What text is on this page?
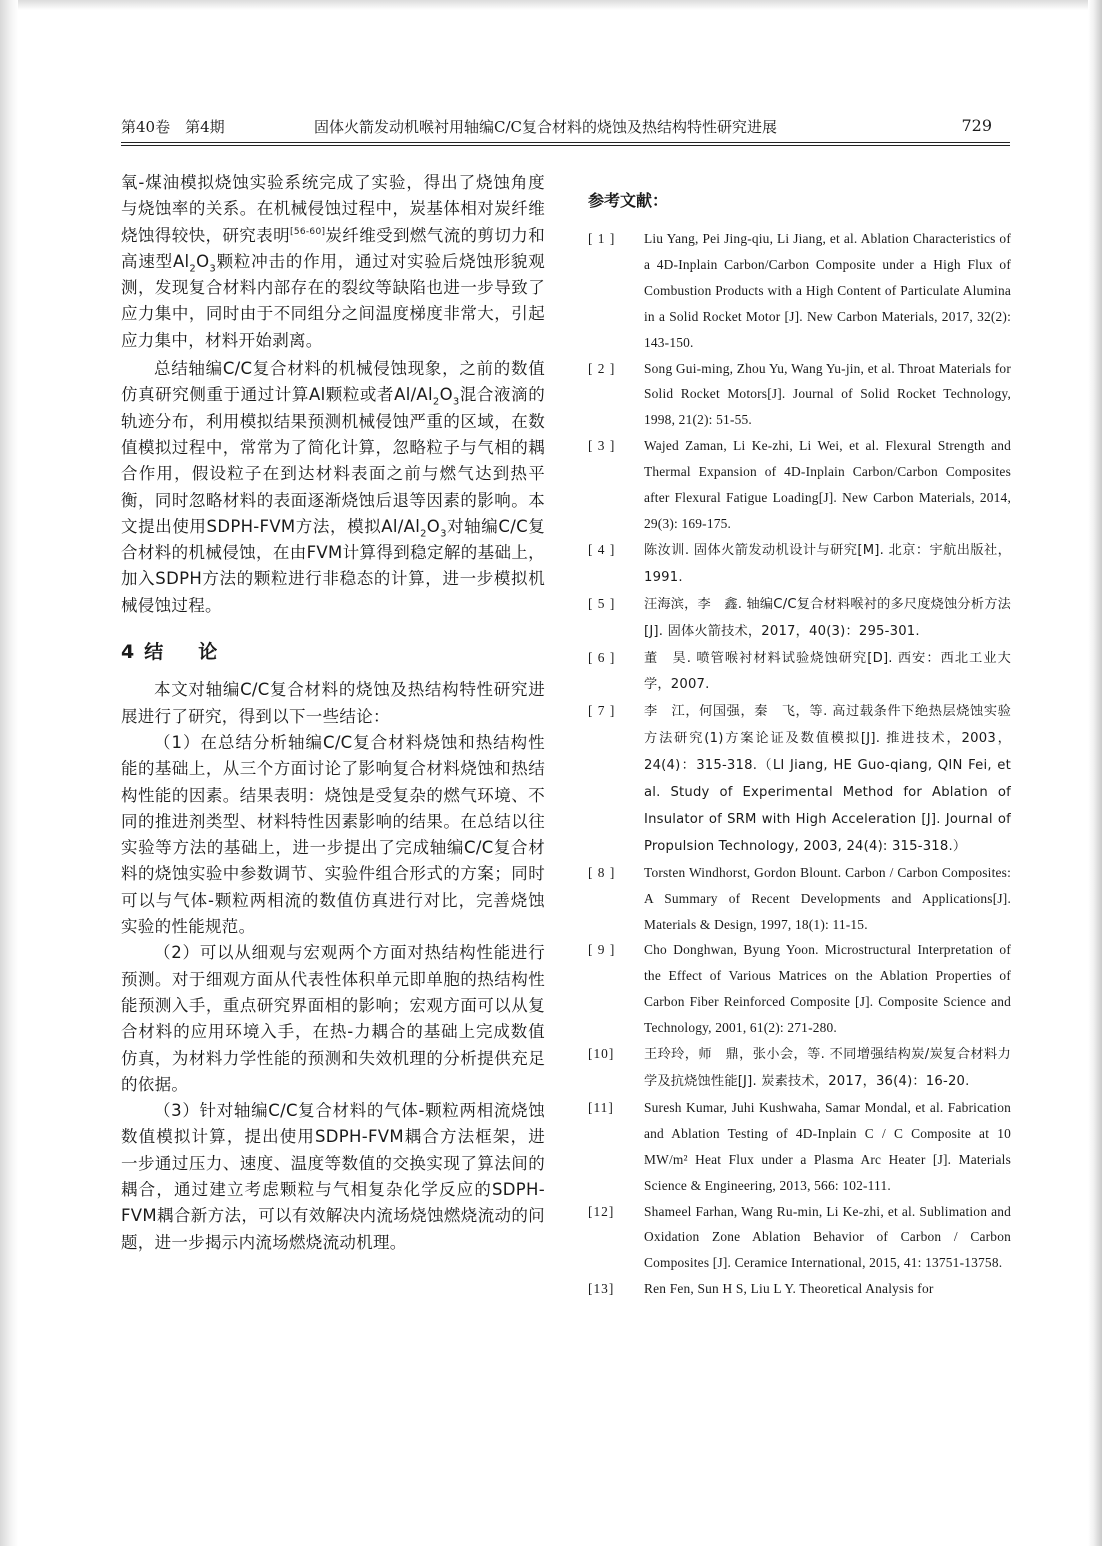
第40卷　第4期	固体火箭发动机喉衬用轴编C/C复合材料的烧蚀及热结构特性研究进展	729

氧-煤油模拟烧蚀实验系统完成了实验，得出了烧蚀角度与烧蚀率的关系。在机械侵蚀过程中，炭基体相对炭纤维烧蚀得较快，研究表明[56-60]炭纤维受到燃气流的剪切力和高速型$Al_2O_3$颗粒冲击的作用，通过对实验后烧蚀形貌观测，发现复合材料内部存在的裂纹等缺陷也进一步导致了应力集中，同时由于不同组分之间温度梯度非常大，引起应力集中，材料开始剥离。

总结轴编C/C复合材料的机械侵蚀现象，之前的数值仿真研究侧重于通过计算Al颗粒或者$Al/Al_2O_3$混合液滴的轨迹分布，利用模拟结果预测机械侵蚀严重的区域，在数值模拟过程中，常常为了简化计算，忽略粒子与气相的耦合作用，假设粒子在到达材料表面之前与燃气达到热平衡，同时忽略材料的表面逐渐烧蚀后退等因素的影响。本文提出使用SDPH-FVM方法，模拟$Al/Al_2O_3$对轴编C/C复合材料的机械侵蚀，在由FVM计算得到稳定解的基础上，加入SDPH方法的颗粒进行非稳态的计算，进一步模拟机械侵蚀过程。

4 结　论

本文对轴编C/C复合材料的烧蚀及热结构特性研究进展进行了研究，得到以下一些结论：

（1）在总结分析轴编C/C复合材料烧蚀和热结构性能的基础上，从三个方面讨论了影响复合材料烧蚀和热结构性能的因素。结果表明：烧蚀是受复杂的燃气环境、不同的推进剂类型、材料特性因素影响的结果。在总结以往实验等方法的基础上，进一步提出了完成轴编C/C复合材料的烧蚀实验中参数调节、实验件组合形式的方案；同时可以与气体-颗粒两相流的数值仿真进行对比，完善烧蚀实验的性能规范。

（2）可以从细观与宏观两个方面对热结构性能进行预测。对于细观方面从代表性体积单元即单胞的热结构性能预测入手，重点研究界面相的影响；宏观方面可以从复合材料的应用环境入手，在热-力耦合的基础上完成数值仿真，为材料力学性能的预测和失效机理的分析提供充足的依据。

（3）针对轴编C/C复合材料的气体-颗粒两相流烧蚀数值模拟计算，提出使用SDPH-FVM耦合方法框架，进一步通过压力、速度、温度等数值的交换实现了算法间的耦合，通过建立考虑颗粒与气相复杂化学反应的SDPH-FVM耦合新方法，可以有效解决内流场烧蚀燃烧流动的问题，进一步揭示内流场燃烧流动机理。

参考文献：
[ 1 ]	Liu Yang, Pei Jing-qiu, Li Jiang, et al. Ablation Characteristics of a 4D-Inplain Carbon/Carbon Composite under a High Flux of Combustion Products with a High Content of Particulate Alumina in a Solid Rocket Motor [J]. New Carbon Materials, 2017, 32(2): 143-150.
[ 2 ]	Song Gui-ming, Zhou Yu, Wang Yu-jin, et al. Throat Materials for Solid Rocket Motors[J]. Journal of Solid Rocket Technology, 1998, 21(2): 51-55.
[ 3 ]	Wajed Zaman, Li Ke-zhi, Li Wei, et al. Flexural Strength and Thermal Expansion of 4D-Inplain Carbon/Carbon Composites after Flexural Fatigue Loading[J]. New Carbon Materials, 2014, 29(3): 169-175.
[ 4 ]	陈汝训. 固体火箭发动机设计与研究[M]. 北京：宇航出版社，1991.
[ 5 ]	汪海滨，李　鑫. 轴编C/C复合材料喉衬的多尺度烧蚀分析方法[J]. 固体火箭技术，2017，40(3)：295-301.
[ 6 ]	董　昊. 喷管喉衬材料试验烧蚀研究[D]. 西安：西北工业大学，2007.
[ 7 ]	李　江，何国强，秦　飞，等. 高过载条件下绝热层烧蚀实验方法研究(1)方案论证及数值模拟[J]. 推进技术，2003，24(4)：315-318.（LI Jiang, HE Guo-qiang, QIN Fei, et al. Study of Experimental Method for Ablation of Insulator of SRM with High Acceleration [J]. Journal of Propulsion Technology, 2003, 24(4): 315-318.）
[ 8 ]	Torsten Windhorst, Gordon Blount. Carbon / Carbon Composites: A Summary of Recent Developments and Applications[J]. Materials & Design, 1997, 18(1): 11-15.
[ 9 ]	Cho Donghwan, Byung Yoon. Microstructural Interpretation of the Effect of Various Matrices on the Ablation Properties of Carbon Fiber Reinforced Composite [J]. Composite Science and Technology, 2001, 61(2): 271-280.
[10]	王玲玲，师　鼎，张小会，等. 不同增强结构炭/炭复合材料力学及抗烧蚀性能[J]. 炭素技术，2017，36(4)：16-20.
[11]	Suresh Kumar, Juhi Kushwaha, Samar Mondal, et al. Fabrication and Ablation Testing of 4D-Inplain C / C Composite at 10 MW/m² Heat Flux under a Plasma Arc Heater [J]. Materials Science & Engineering, 2013, 566: 102-111.
[12]	Shameel Farhan, Wang Ru-min, Li Ke-zhi, et al. Sublimation and Oxidation Zone Ablation Behavior of Carbon / Carbon Composites [J]. Ceramice International, 2015, 41: 13751-13758.
[13]	Ren Fen, Sun H S, Liu L Y. Theoretical Analysis for
